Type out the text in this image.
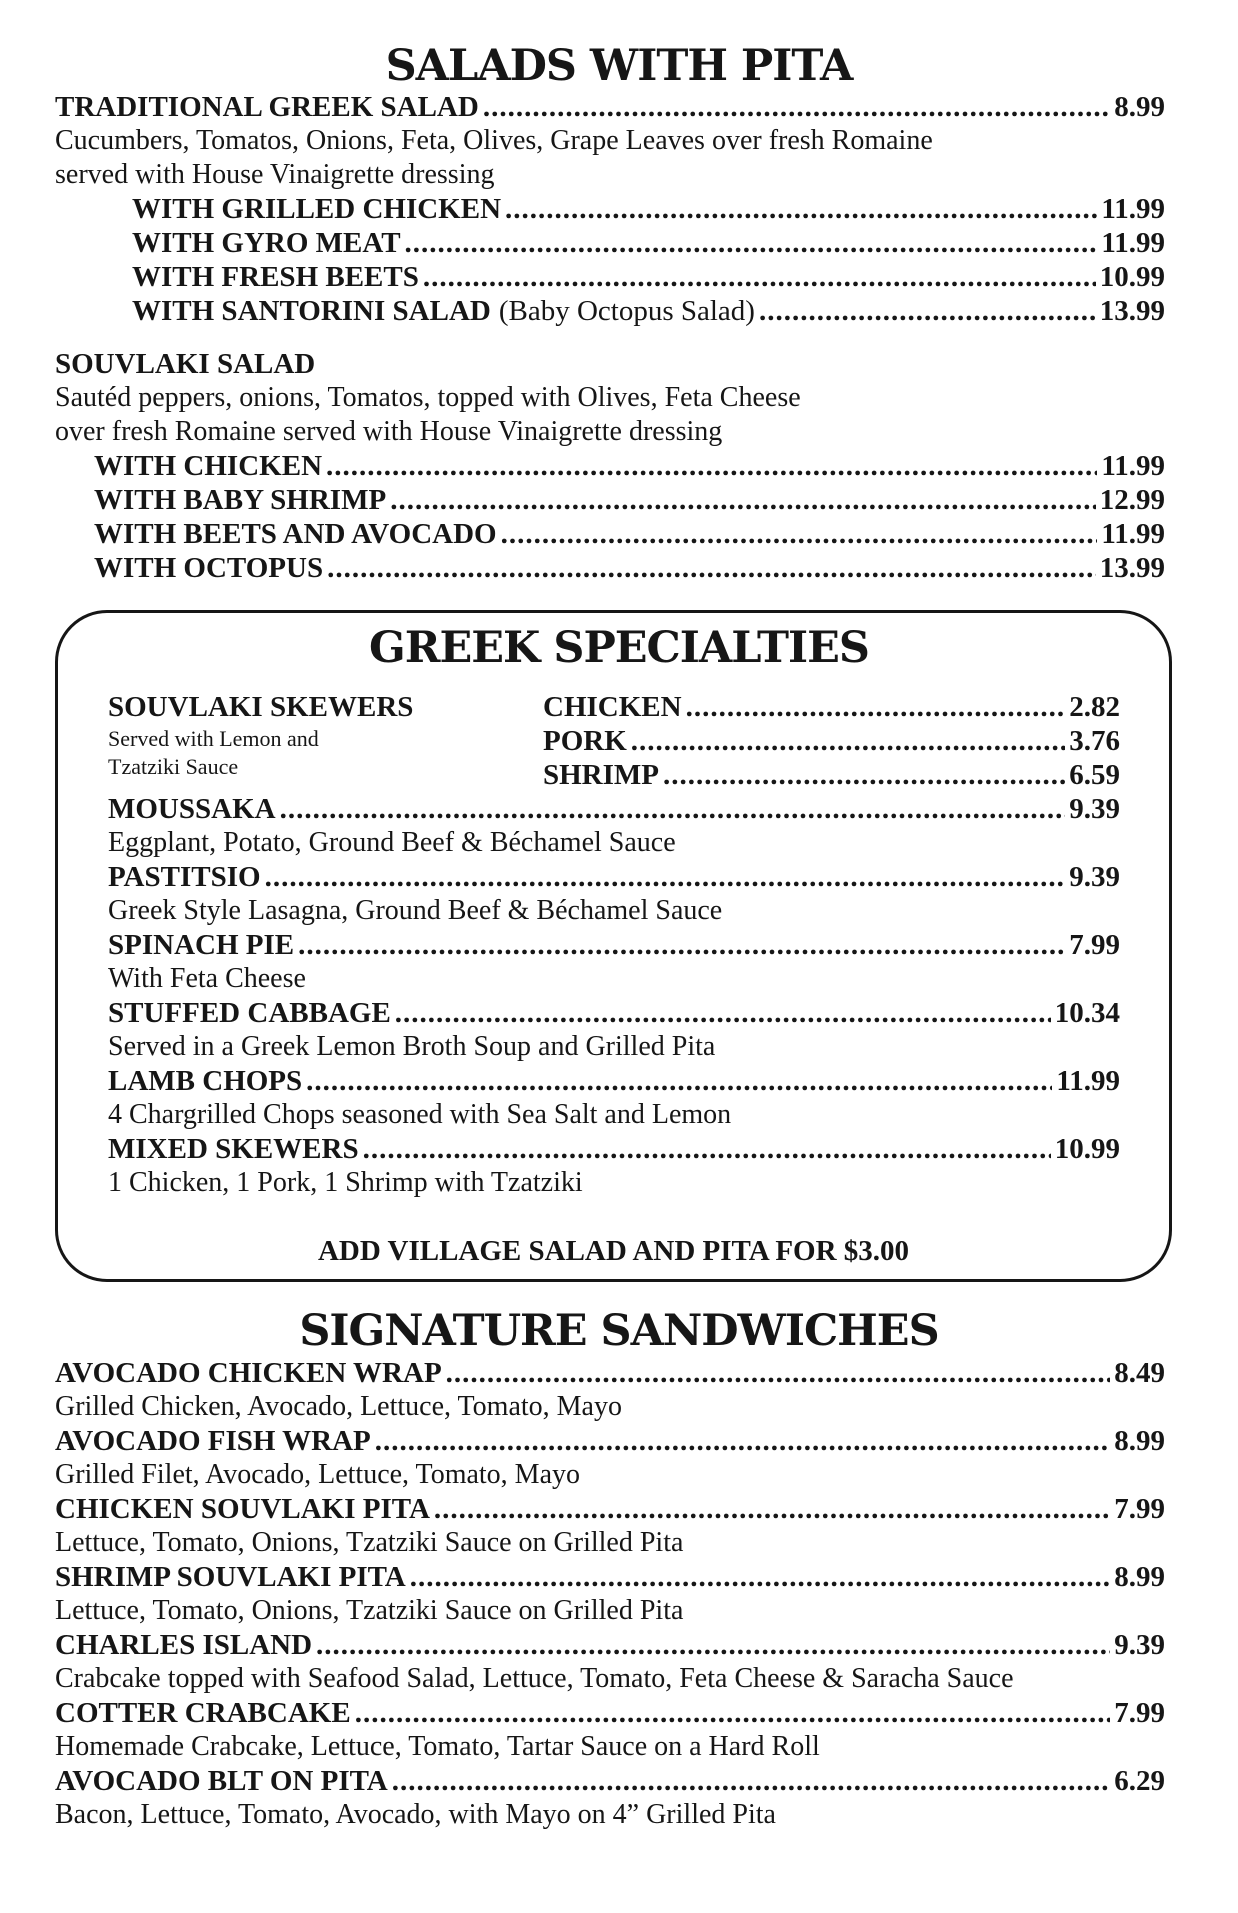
SALADS WITH PITA
TRADITIONAL GREEK SALAD .....	8.99

Cucumbers, Tomatos, Onions, Feta, Olives, Grape Leaves over fresh Romaine

served with House Vinaigrette dressing

WITH GRILLED CHICKEN .....	11.99
WITH GYRO MEAT .....	11.99
WITH FRESH BEETS .....	10.99
WITH SANTORINI SALAD (Baby Octopus Salad) .....	13.99

SOUVLAKI SALAD

Sautéd peppers, onions, Tomatos, topped with Olives, Feta Cheese

over fresh Romaine served with House Vinaigrette dressing

WITH CHICKEN .....	11.99
WITH BABY SHRIMP .....	12.99
WITH BEETS AND AVOCADO .....	11.99
WITH OCTOPUS .....	13.99
GREEK SPECIALTIES

SOUVLAKI SKEWERS

Served with Lemon and

Tzatziki Sauce

CHICKEN .....	2.82
PORK .....	3.76
SHRIMP .....	6.59
MOUSSAKA .....	9.39

Eggplant, Potato, Ground Beef & Béchamel Sauce

PASTITSIO .....	9.39

Greek Style Lasagna, Ground Beef & Béchamel Sauce

SPINACH PIE .....	7.99

With Feta Cheese

STUFFED CABBAGE .....	10.34

Served in a Greek Lemon Broth Soup and Grilled Pita

LAMB CHOPS .....	11.99

4 Chargrilled Chops seasoned with Sea Salt and Lemon

MIXED SKEWERS .....	10.99

1 Chicken, 1 Pork, 1 Shrimp with Tzatziki

ADD VILLAGE SALAD AND PITA FOR $3.00

SIGNATURE SANDWICHES
AVOCADO CHICKEN WRAP .....	8.49

Grilled Chicken, Avocado, Lettuce, Tomato, Mayo

AVOCADO FISH WRAP .....	8.99

Grilled Filet, Avocado, Lettuce, Tomato, Mayo

CHICKEN SOUVLAKI PITA .....	7.99

Lettuce, Tomato, Onions, Tzatziki Sauce on Grilled Pita

SHRIMP SOUVLAKI PITA .....	8.99

Lettuce, Tomato, Onions, Tzatziki Sauce on Grilled Pita

CHARLES ISLAND .....	9.39

Crabcake topped with Seafood Salad, Lettuce, Tomato, Feta Cheese & Saracha Sauce

COTTER CRABCAKE .....	7.99

Homemade Crabcake, Lettuce, Tomato, Tartar Sauce on a Hard Roll

AVOCADO BLT ON PITA .....	6.29

Bacon, Lettuce, Tomato, Avocado, with Mayo on 4” Grilled Pita
